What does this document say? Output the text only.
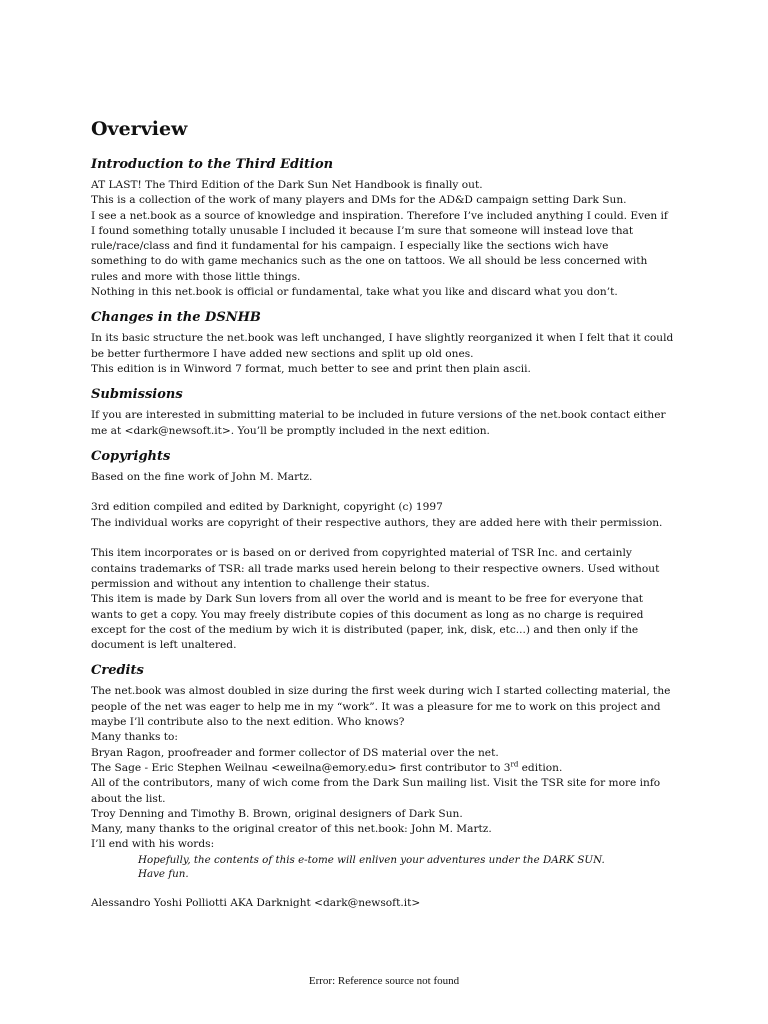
Overview
Introduction to the Third Edition
AT LAST! The Third Edition of the Dark Sun Net Handbook is finally out.
This is a collection of the work of many players and DMs for the AD&D campaign setting Dark Sun.
I see a net.book as a source of knowledge and inspiration. Therefore I’ve included anything I could. Even if
I found something totally unusable I included it because I’m sure that someone will instead love that
rule/race/class and find it fundamental for his campaign. I especially like the sections wich have
something to do with game mechanics such as the one on tattoos. We all should be less concerned with
rules and more with those little things.
Nothing in this net.book is official or fundamental, take what you like and discard what you don’t.
Changes in the DSNHB
In its basic structure the net.book was left unchanged, I have slightly reorganized it when I felt that it could
be better furthermore I have added new sections and split up old ones.
This edition is in Winword 7 format, much better to see and print then plain ascii.
Submissions
If you are interested in submitting material to be included in future versions of the net.book contact either
me at <dark@newsoft.it>. You’ll be promptly included in the next edition.
Copyrights
Based on the fine work of John M. Martz.
3rd edition compiled and edited by Darknight, copyright (c) 1997
The individual works are copyright of their respective authors, they are added here with their permission.
This item incorporates or is based on or derived from copyrighted material of TSR Inc. and certainly
contains trademarks of TSR: all trade marks used herein belong to their respective owners. Used without
permission and without any intention to challenge their status.
This item is made by Dark Sun lovers from all over the world and is meant to be free for everyone that
wants to get a copy. You may freely distribute copies of this document as long as no charge is required
except for the cost of the medium by wich it is distributed (paper, ink, disk, etc...) and then only if the
document is left unaltered.
Credits
The net.book was almost doubled in size during the first week during wich I started collecting material, the
people of the net was eager to help me in my “work”. It was a pleasure for me to work on this project and
maybe I’ll contribute also to the next edition. Who knows?
Many thanks to:
Bryan Ragon, proofreader and former collector of DS material over the net.
The Sage - Eric Stephen Weilnau <eweilna@emory.edu> first contributor to 3rd edition.
All of the contributors, many of wich come from the Dark Sun mailing list. Visit the TSR site for more info
about the list.
Troy Denning and Timothy B. Brown, original designers of Dark Sun.
Many, many thanks to the original creator of this net.book: John M. Martz.
I’ll end with his words:
Hopefully, the contents of this e-tome will enliven your adventures under the DARK SUN.
Have fun.
Alessandro Yoshi Polliotti AKA Darknight <dark@newsoft.it>
Error: Reference source not found
